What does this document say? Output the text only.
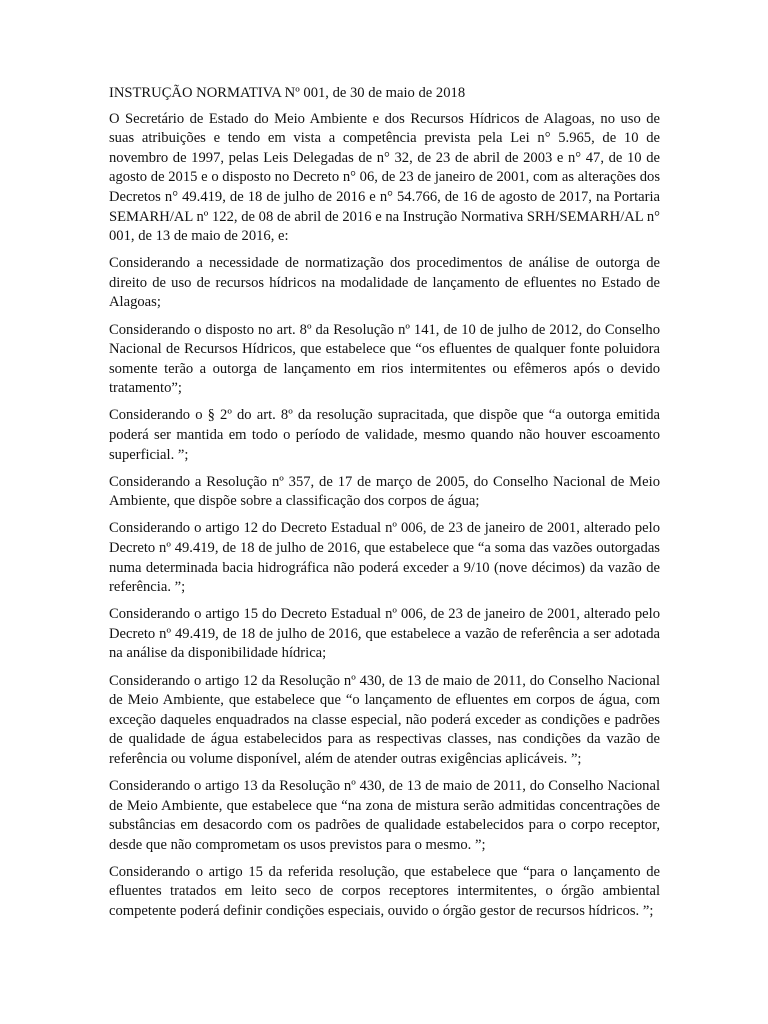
INSTRUÇÃO NORMATIVA Nº 001, de 30 de maio de 2018

O Secretário de Estado do Meio Ambiente e dos Recursos Hídricos de Alagoas, no uso de suas atribuições e tendo em vista a competência prevista pela Lei n° 5.965, de 10 de novembro de 1997, pelas Leis Delegadas de n° 32, de 23 de abril de 2003 e n° 47, de 10 de agosto de 2015 e o disposto no Decreto n° 06, de 23 de janeiro de 2001, com as alterações dos Decretos n° 49.419, de 18 de julho de 2016 e n° 54.766, de 16 de agosto de 2017, na Portaria SEMARH/AL nº 122, de 08 de abril de 2016 e na Instrução Normativa SRH/SEMARH/AL n° 001, de 13 de maio de 2016, e:

Considerando a necessidade de normatização dos procedimentos de análise de outorga de direito de uso de recursos hídricos na modalidade de lançamento de efluentes no Estado de Alagoas;

Considerando o disposto no art. 8º da Resolução nº 141, de 10 de julho de 2012, do Conselho Nacional de Recursos Hídricos, que estabelece que “os efluentes de qualquer fonte poluidora somente terão a outorga de lançamento em rios intermitentes ou efêmeros após o devido tratamento”;

Considerando o § 2º do art. 8º da resolução supracitada, que dispõe que “a outorga emitida poderá ser mantida em todo o período de validade, mesmo quando não houver escoamento superficial. ”;

Considerando a Resolução nº 357, de 17 de março de 2005, do Conselho Nacional de Meio Ambiente, que dispõe sobre a classificação dos corpos de água;

Considerando o artigo 12 do Decreto Estadual nº 006, de 23 de janeiro de 2001, alterado pelo Decreto nº 49.419, de 18 de julho de 2016, que estabelece que “a soma das vazões outorgadas numa determinada bacia hidrográfica não poderá exceder a 9/10 (nove décimos) da vazão de referência. ”;

Considerando o artigo 15 do Decreto Estadual nº 006, de 23 de janeiro de 2001, alterado pelo Decreto nº 49.419, de 18 de julho de 2016, que estabelece a vazão de referência a ser adotada na análise da disponibilidade hídrica;

Considerando o artigo 12 da Resolução nº 430, de 13 de maio de 2011, do Conselho Nacional de Meio Ambiente, que estabelece que “o lançamento de efluentes em corpos de água, com exceção daqueles enquadrados na classe especial, não poderá exceder as condições e padrões de qualidade de água estabelecidos para as respectivas classes, nas condições da vazão de referência ou volume disponível, além de atender outras exigências aplicáveis. ”;

Considerando o artigo 13 da Resolução nº 430, de 13 de maio de 2011, do Conselho Nacional de Meio Ambiente, que estabelece que “na zona de mistura serão admitidas concentrações de substâncias em desacordo com os padrões de qualidade estabelecidos para o corpo receptor, desde que não comprometam os usos previstos para o mesmo. ”;

Considerando o artigo 15 da referida resolução, que estabelece que “para o lançamento de efluentes tratados em leito seco de corpos receptores intermitentes, o órgão ambiental competente poderá definir condições especiais, ouvido o órgão gestor de recursos hídricos. ”;
